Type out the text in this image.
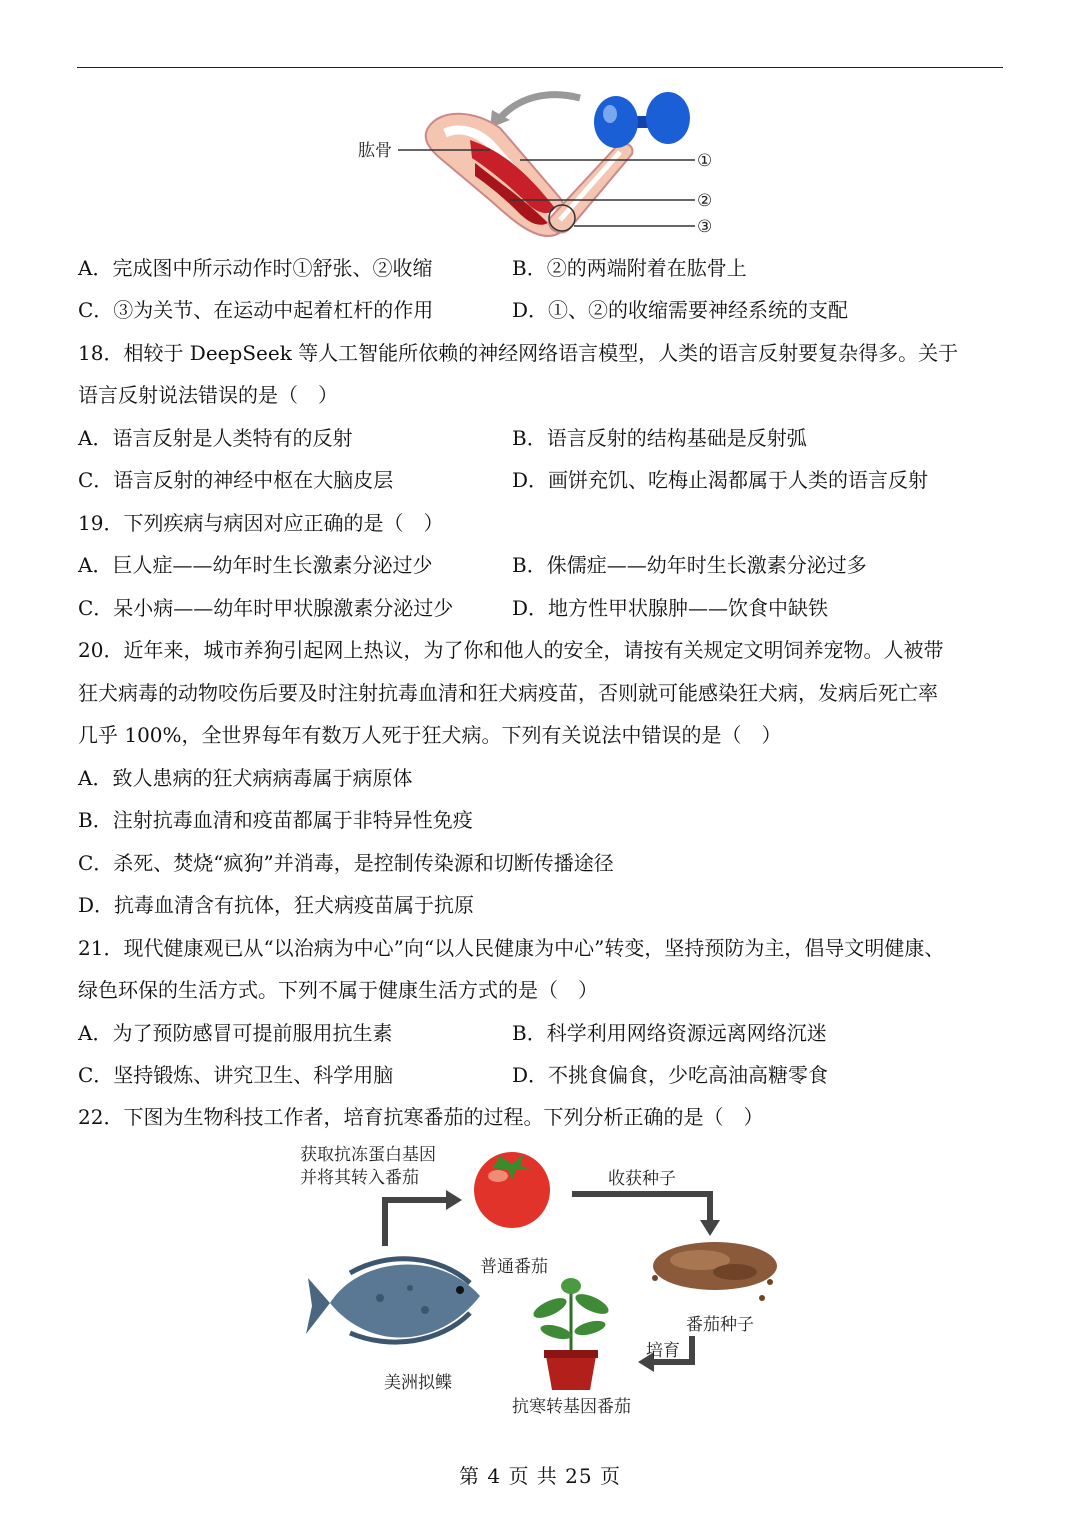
肱骨	①
②
③
A．完成图中所示动作时①舒张、②收缩	B．②的两端附着在肱骨上
C．③为关节、在运动中起着杠杆的作用	D．①、②的收缩需要神经系统的支配
18．相较于 DeepSeek 等人工智能所依赖的神经网络语言模型，人类的语言反射要复杂得多。关于
语言反射说法错误的是（　）
A．语言反射是人类特有的反射	B．语言反射的结构基础是反射弧
C．语言反射的神经中枢在大脑皮层	D．画饼充饥、吃梅止渴都属于人类的语言反射
19．下列疾病与病因对应正确的是（　）
A．巨人症——幼年时生长激素分泌过少	B．侏儒症——幼年时生长激素分泌过多
C．呆小病——幼年时甲状腺激素分泌过少	D．地方性甲状腺肿——饮食中缺铁
20．近年来，城市养狗引起网上热议，为了你和他人的安全，请按有关规定文明饲养宠物。人被带
狂犬病毒的动物咬伤后要及时注射抗毒血清和狂犬病疫苗，否则就可能感染狂犬病，发病后死亡率
几乎 100%，全世界每年有数万人死于狂犬病。下列有关说法中错误的是（　）
A．致人患病的狂犬病病毒属于病原体
B．注射抗毒血清和疫苗都属于非特异性免疫
C．杀死、焚烧“疯狗”并消毒，是控制传染源和切断传播途径
D．抗毒血清含有抗体，狂犬病疫苗属于抗原
21．现代健康观已从“以治病为中心”向“以人民健康为中心”转变，坚持预防为主，倡导文明健康、
绿色环保的生活方式。下列不属于健康生活方式的是（　）
A．为了预防感冒可提前服用抗生素	B．科学利用网络资源远离网络沉迷
C．坚持锻炼、讲究卫生、科学用脑	D．不挑食偏食，少吃高油高糖零食
22．下图为生物科技工作者，培育抗寒番茄的过程。下列分析正确的是（　）
获取抗冻蛋白基因
并将其转入番茄
普通番茄
收获种子
番茄种子
培育
抗寒转基因番茄
美洲拟鲽
第 4 页 共 25 页
